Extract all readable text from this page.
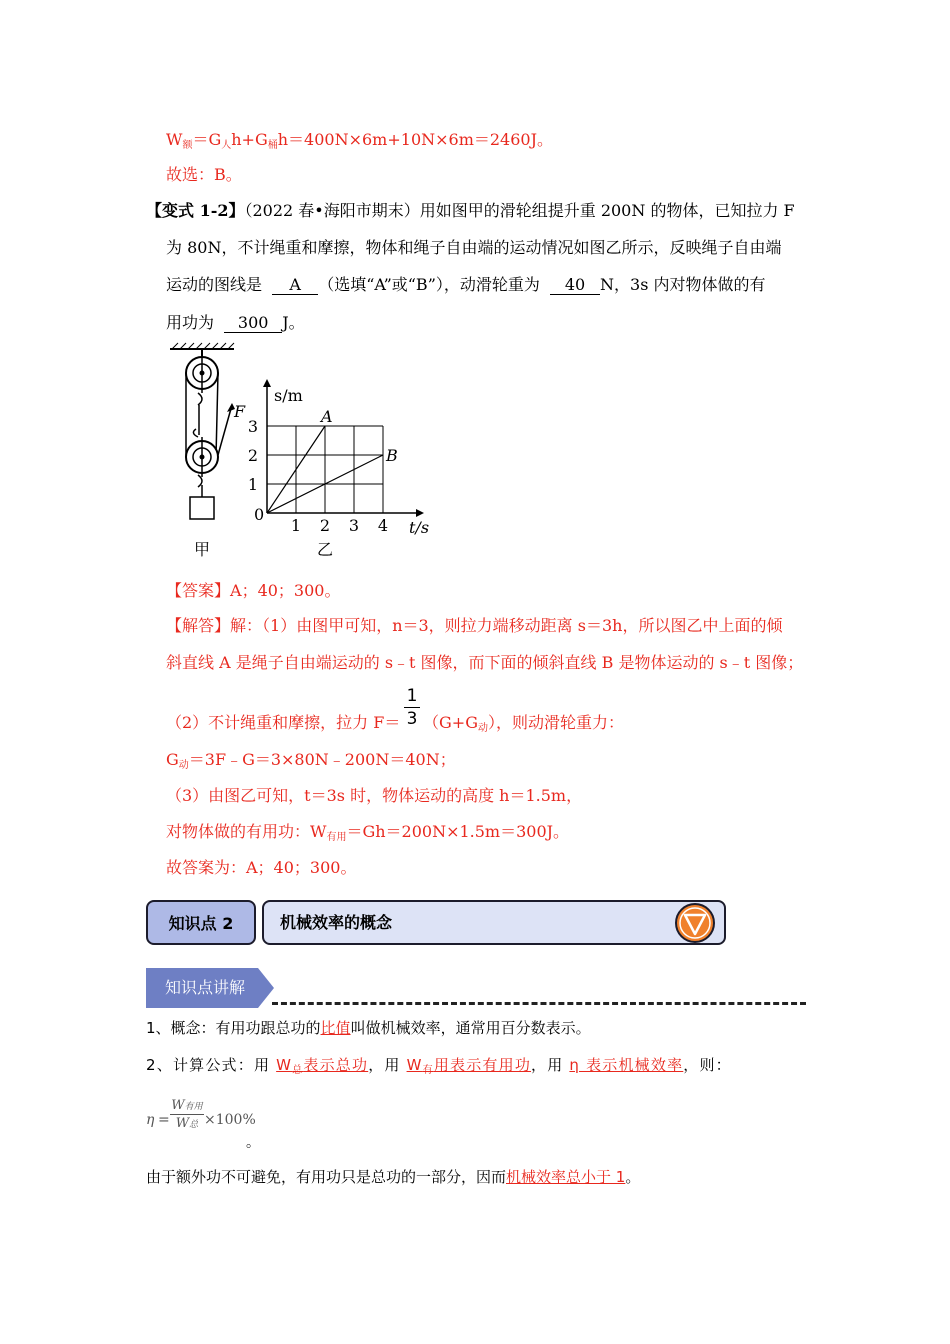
W额＝G人h+G桶h＝400N×6m+10N×6m＝2460J。
故选：B。
【变式 1-2】（2022 春•海阳市期末）用如图甲的滑轮组提升重 200N 的物体，已知拉力 F
为 80N，不计绳重和摩擦，物体和绳子自由端的运动情况如图乙所示，反映绳子自由端
运动的图线是 A （选填“A”或“B”），动滑轮重为 40 N，3s 内对物体做的有
用功为 300 J。
F
甲
1 2 3 4
1
2
3
A
B
0
s/m
t/s
乙
【答案】A；40；300。
【解答】解：（1）由图甲可知，n＝3，则拉力端移动距离 s＝3h，所以图乙中上面的倾
斜直线 A 是绳子自由端运动的 s﹣t 图像，而下面的倾斜直线 B 是物体运动的 s﹣t 图像；
（2）不计绳重和摩擦，拉力 F＝
1
3 （G+G动），则动滑轮重力：
G动＝3F﹣G＝3×80N﹣200N＝40N；
（3）由图乙可知，t＝3s 时，物体运动的高度 h＝1.5m，
对物体做的有用功：W有用＝Gh＝200N×1.5m＝300J。
故答案为：A；40；300。
知识点 2	机械效率的概念
知识点讲解
1、概念：有用功跟总功的比值叫做机械效率，通常用百分数表示。
2、计算公式：用 $W_总$表示总功，用 $W_有$用表示有用功，用 η 表示机械效率，则：
η =
W有用
W总 ×100%
。
由于额外功不可避免，有用功只是总功的一部分，因而机械效率总小于 1。
